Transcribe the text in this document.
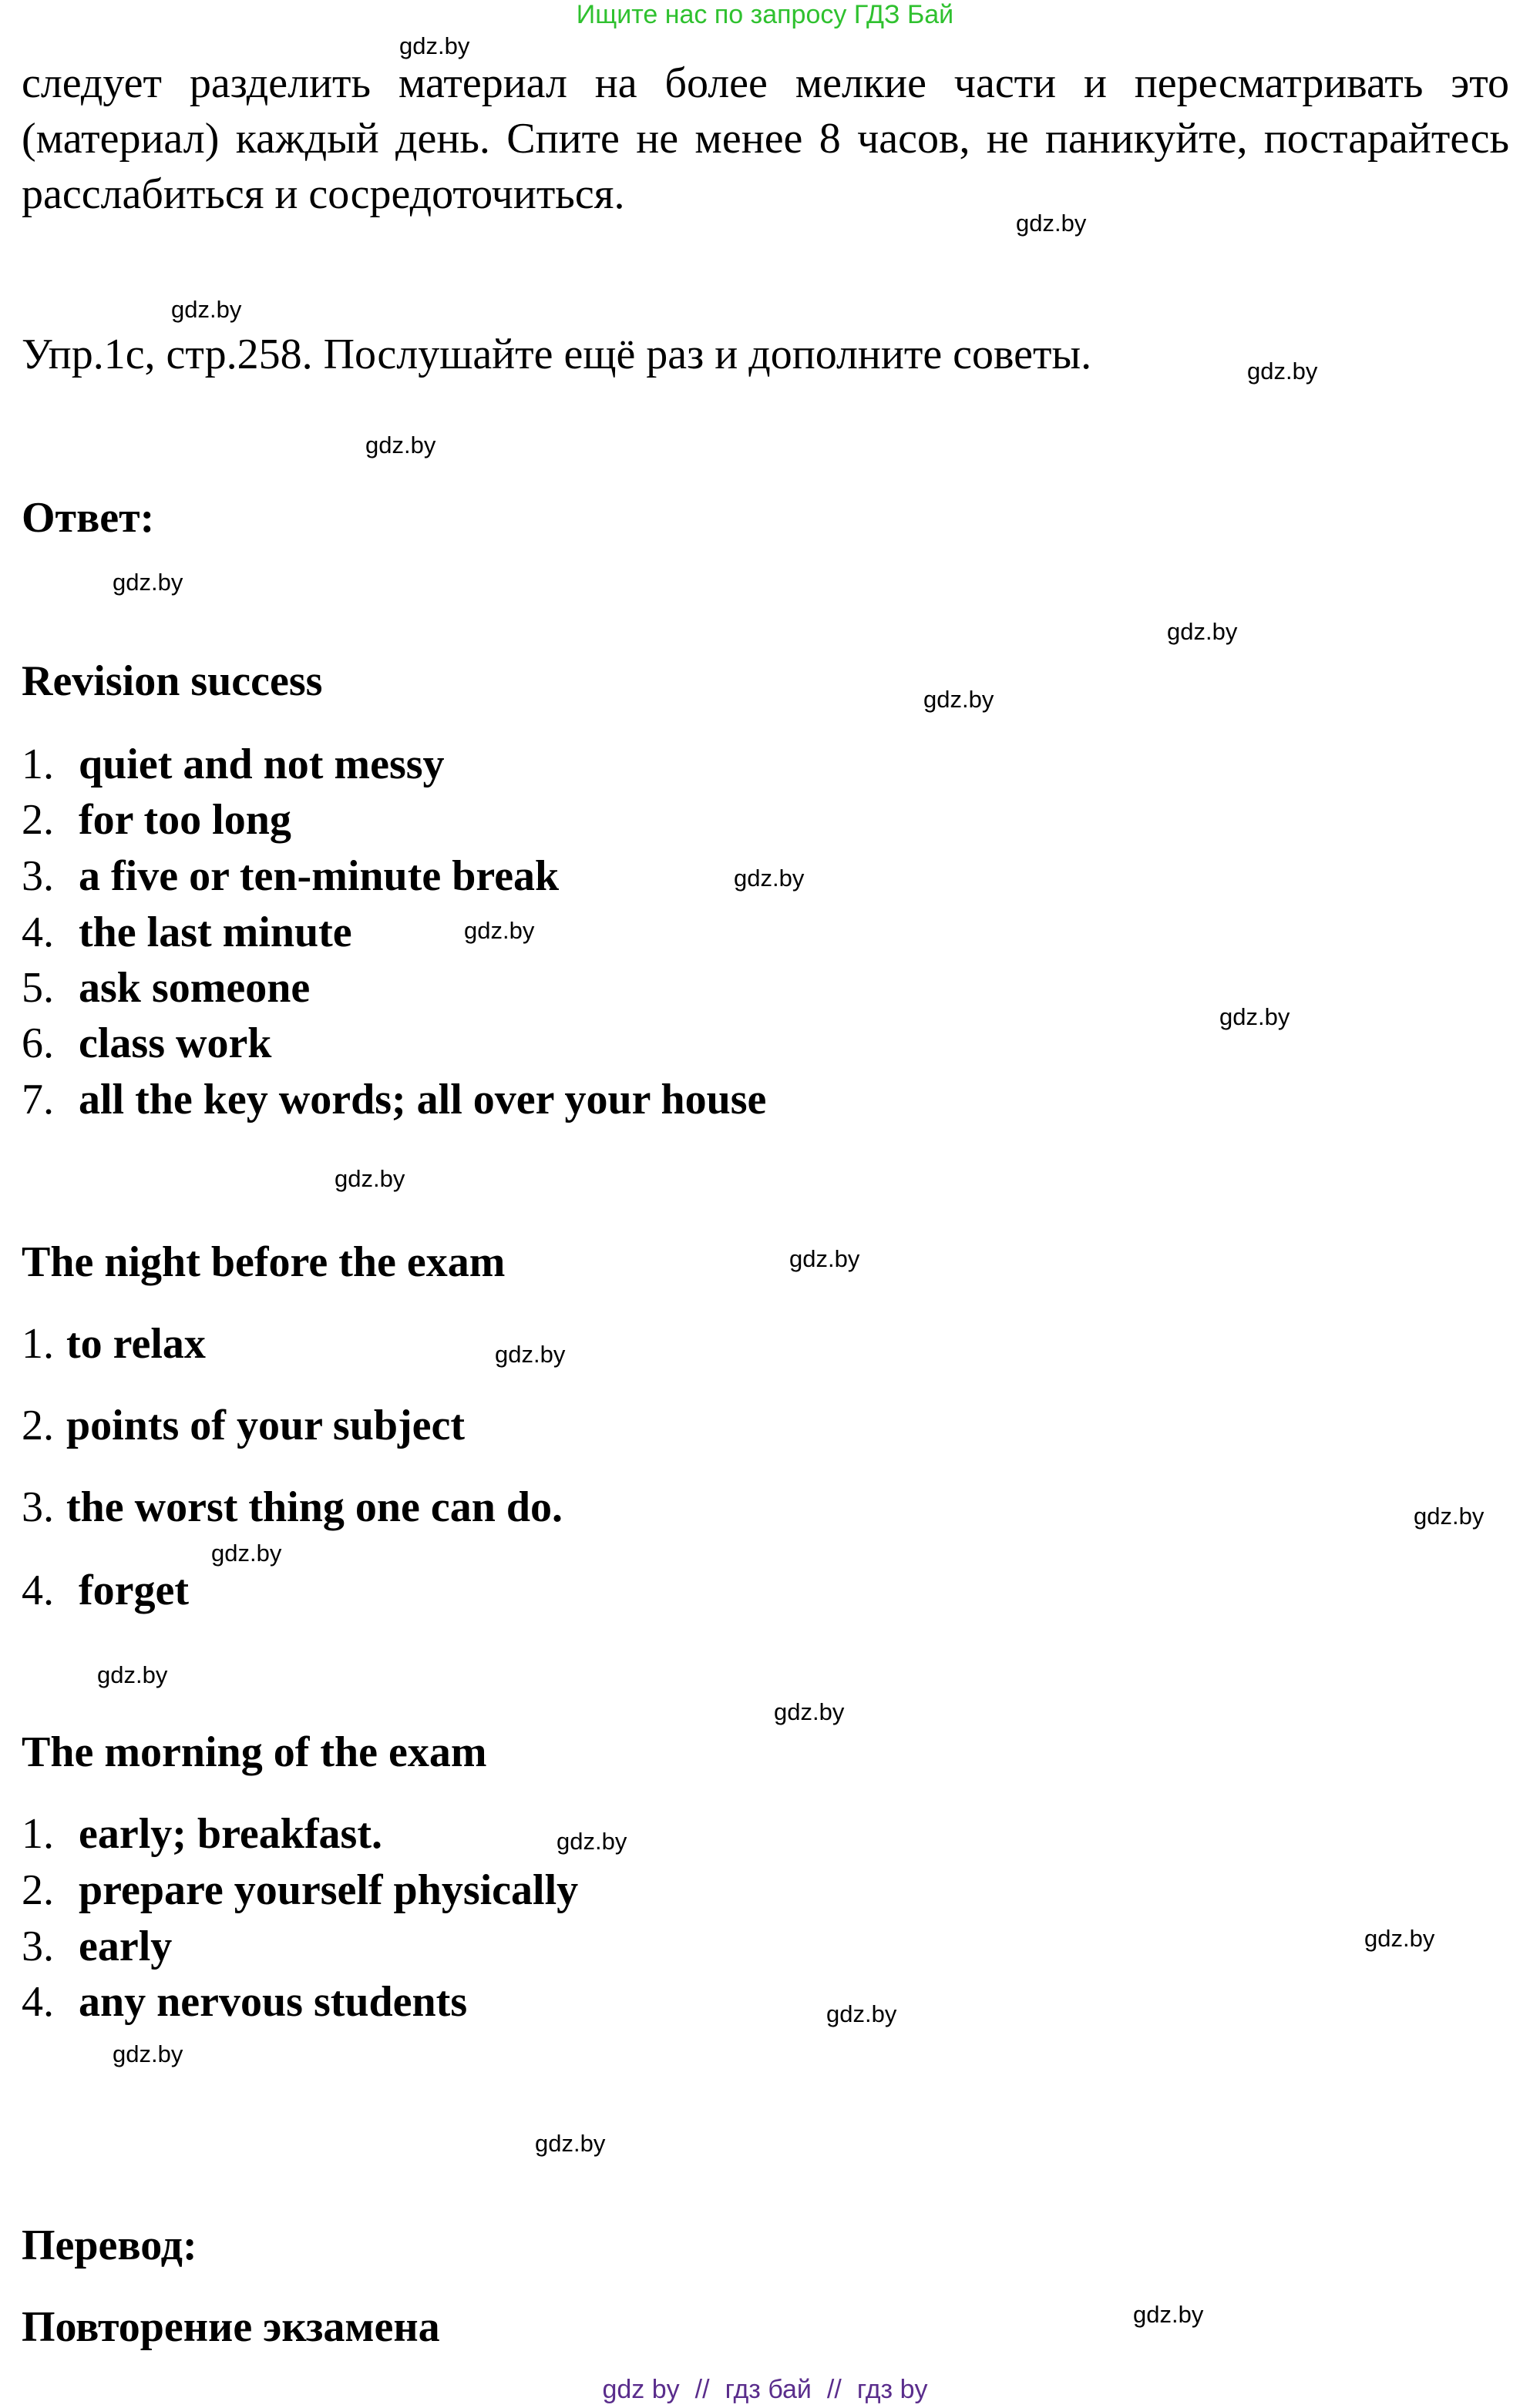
Ищите нас по запросу ГДЗ Бай
следует разделить материал на более мелкие части и пересматривать это
(материал) каждый день. Спите не менее 8 часов, не паникуйте, постарайтесь
расслабиться и сосредоточиться.
Упр.1с, стр.258. Послушайте ещё раз и дополните советы.
Ответ:
Revision success
1. quiet and not messy
2. for too long
3. a five or ten-minute break
4. the last minute
5. ask someone
6. class work
7. all the key words; all over your house
The night before the exam
1. to relax
2. points of your subject
3. the worst thing one can do.
4. forget
The morning of the exam
1. early; breakfast.
2. prepare yourself physically
3. early
4. any nervous students
Перевод:
Повторение экзамена
gdz.by
gdz.by
gdz.by
gdz.by
gdz.by
gdz.by
gdz.by
gdz.by
gdz.by
gdz.by
gdz.by
gdz.by
gdz.by
gdz.by
gdz.by
gdz.by
gdz.by
gdz.by
gdz.by
gdz.by
gdz.by
gdz.by
gdz.by
gdz.by
gdz by // гдз бай // гдз by
